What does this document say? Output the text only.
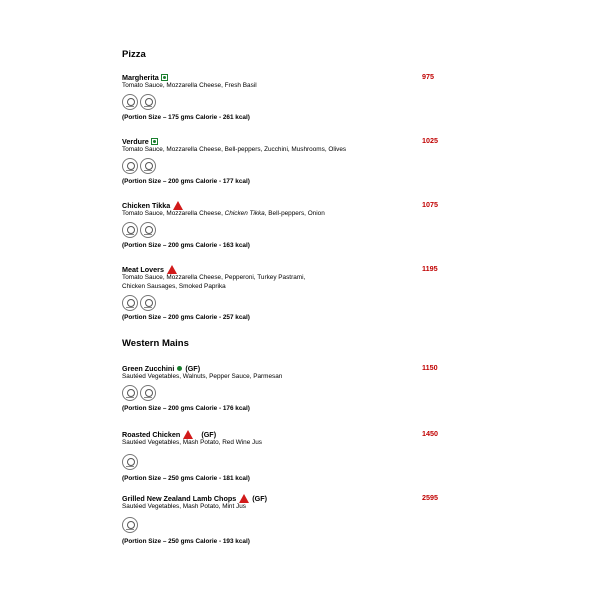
Pizza
Margherita	975
Tomato Sauce, Mozzarella Cheese, Fresh Basil
(Portion Size – 175 gms Calorie - 261 kcal)
Verdure	1025
Tomato Sauce, Mozzarella Cheese, Bell-peppers, Zucchini, Mushrooms, Olives
(Portion Size – 200 gms Calorie - 177 kcal)
Chicken Tikka	1075
Tomato Sauce, Mozzarella Cheese, Chicken Tikka, Bell-peppers, Onion
(Portion Size – 200 gms Calorie - 163 kcal)
Meat Lovers	1195
Tomato Sauce, Mozzarella Cheese, Pepperoni, Turkey Pastrami,
Chicken Sausages, Smoked Paprika
(Portion Size – 200 gms Calorie - 257 kcal)
Western Mains
Green Zucchini (GF)	1150
Sautéed Vegetables, Walnuts, Pepper Sauce, Parmesan
(Portion Size – 200 gms Calorie - 176 kcal)
Roasted Chicken	(GF)	1450
Sautéed Vegetables, Mash Potato, Red Wine Jus
(Portion Size – 250 gms Calorie - 181 kcal)
Grilled New Zealand Lamb Chops (GF)	2595
Sautéed Vegetables, Mash Potato, Mint Jus
(Portion Size – 250 gms Calorie - 193 kcal)
